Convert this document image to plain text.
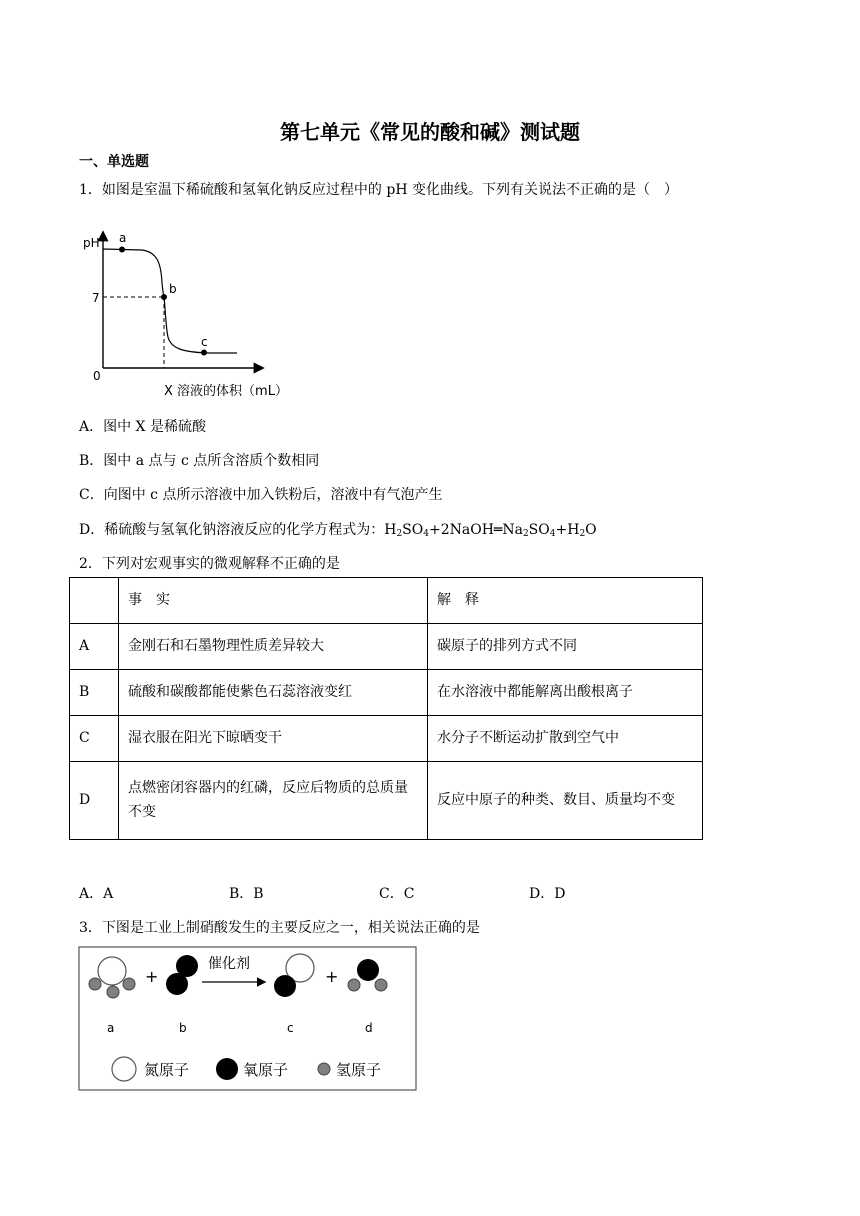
第七单元《常见的酸和碱》测试题
一、单选题
1．如图是室温下稀硫酸和氢氧化钠反应过程中的 pH 变化曲线。下列有关说法不正确的是（　）
pH
7
0
a
b
c
X 溶液的体积（mL）
A．图中 X 是稀硫酸
B．图中 a 点与 c 点所含溶质个数相同
C．向图中 c 点所示溶液中加入铁粉后，溶液中有气泡产生
D．稀硫酸与氢氧化钠溶液反应的化学方程式为：$H_2SO_4+2NaOH═Na_2SO_4+H_2O$
2．下列对宏观事实的微观解释不正确的是
	事　实	解　释
A	金刚石和石墨物理性质差异较大	碳原子的排列方式不同
B	硫酸和碳酸都能使紫色石蕊溶液变红	在水溶液中都能解离出酸根离子
C	湿衣服在阳光下晾晒变干	水分子不断运动扩散到空气中
D	点燃密闭容器内的红磷，反应后物质的总质量不变	反应中原子的种类、数目、质量均不变
A．A	B．B	C．C	D．D
3．下图是工业上制硝酸发生的主要反应之一，相关说法正确的是
+
催化剂
+
a	b	c	d
氮原子	氧原子	氢原子
